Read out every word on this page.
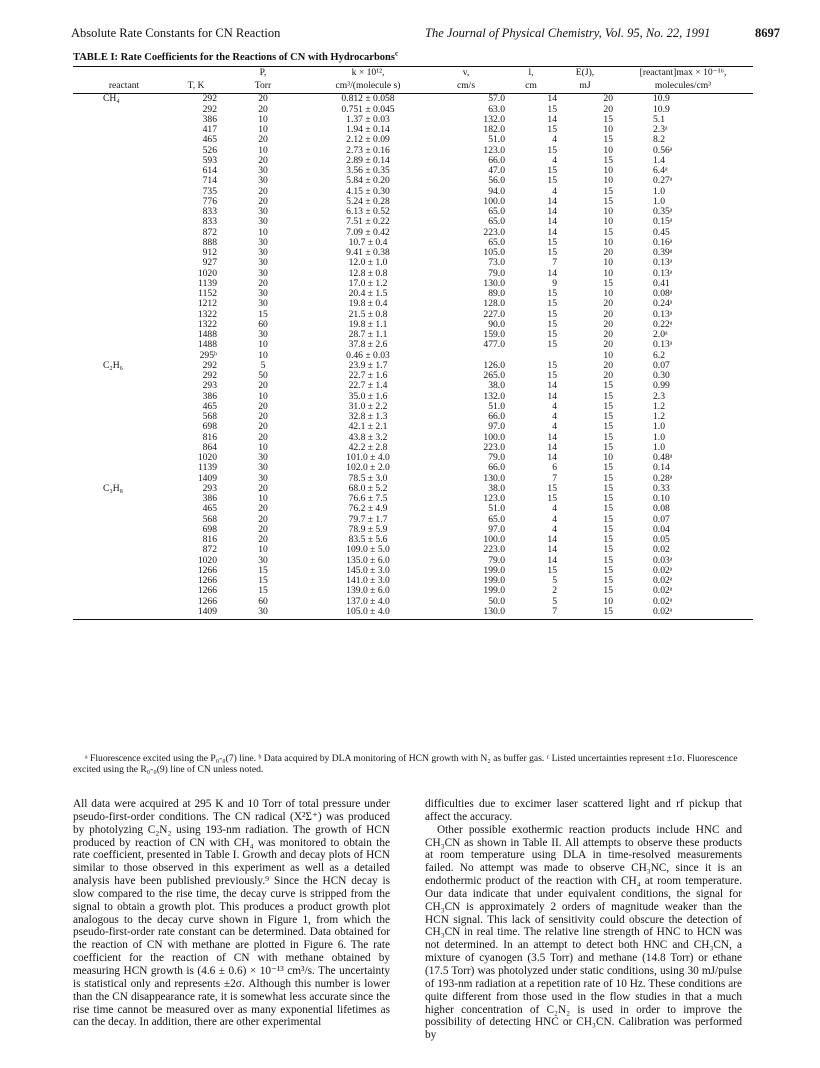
Absolute Rate Constants for CN Reaction	The Journal of Physical Chemistry, Vol. 95, No. 22, 1991	8697
TABLE I: Rate Coefficients for the Reactions of CN with Hydrocarbons$^c$
		P,	k × 10¹²,	v,	l,	E(J),	[reactant]max × 10⁻¹⁶,
reactant	T, K	Torr	cm³/(molecule s)	cm/s	cm	mJ	molecules/cm³
CH₄	292	20	0.812 ± 0.058	57.0	14	20	10.9
	292	20	0.751 ± 0.045	63.0	15	20	10.9
	386	10	1.37 ± 0.03	132.0	14	15	5.1
	417	10	1.94 ± 0.14	182.0	15	10	2.3ᵃ
	465	20	2.12 ± 0.09	51.0	4	15	8.2
	526	10	2.73 ± 0.16	123.0	15	10	0.56ᵃ
	593	20	2.89 ± 0.14	66.0	4	15	1.4
	614	30	3.56 ± 0.35	47.0	15	10	6.4ᵃ
	714	30	5.84 ± 0.20	56.0	15	10	0.27ᵃ
	735	20	4.15 ± 0.30	94.0	4	15	1.0
	776	20	5.24 ± 0.28	100.0	14	15	1.0
	833	30	6.13 ± 0.52	65.0	14	10	0.35ᵃ
	833	30	7.51 ± 0.22	65.0	14	10	0.15ᵃ
	872	10	7.09 ± 0.42	223.0	14	15	0.45
	888	30	10.7 ± 0.4	65.0	15	10	0.16ᵃ
	912	30	9.41 ± 0.38	105.0	15	20	0.39ᵃ
	927	30	12.0 ± 1.0	73.0	7	10	0.13ᵃ
	1020	30	12.8 ± 0.8	79.0	14	10	0.13ᵃ
	1139	20	17.0 ± 1.2	130.0	9	15	0.41
	1152	30	20.4 ± 1.5	89.0	15	10	0.08ᵃ
	1212	30	19.8 ± 0.4	128.0	15	20	0.24ᵃ
	1322	15	21.5 ± 0.8	227.0	15	20	0.13ᵃ
	1322	60	19.8 ± 1.1	90.0	15	20	0.22ᵃ
	1488	30	28.7 ± 1.1	159.0	15	20	2.0ᵃ
	1488	10	37.8 ± 2.6	477.0	15	20	0.13ᵃ
	295ᵇ	10	0.46 ± 0.03			10	6.2
C₂H₆	292	5	23.9 ± 1.7	126.0	15	20	0.07
	292	50	22.7 ± 1.6	265.0	15	20	0.30
	293	20	22.7 ± 1.4	38.0	14	15	0.99
	386	10	35.0 ± 1.6	132.0	14	15	2.3
	465	20	31.0 ± 2.2	51.0	4	15	1.2
	568	20	32.8 ± 1.3	66.0	4	15	1.2
	698	20	42.1 ± 2.1	97.0	4	15	1.0
	816	20	43.8 ± 3.2	100.0	14	15	1.0
	864	10	42.2 ± 2.8	223.0	14	15	1.0
	1020	30	101.0 ± 4.0	79.0	14	10	0.48ᵃ
	1139	30	102.0 ± 2.0	66.0	6	15	0.14
	1409	30	78.5 ± 3.0	130.0	7	15	0.28ᵃ
C₃H₈	293	20	68.0 ± 5.2	38.0	15	15	0.33
	386	10	76.6 ± 7.5	123.0	15	15	0.10
	465	20	76.2 ± 4.9	51.0	4	15	0.08
	568	20	79.7 ± 1.7	65.0	4	15	0.07
	698	20	78.9 ± 5.9	97.0	4	15	0.04
	816	20	83.5 ± 5.6	100.0	14	15	0.05
	872	10	109.0 ± 5.0	223.0	14	15	0.02
	1020	30	135.0 ± 6.0	79.0	14	15	0.03ᵃ
	1266	15	145.0 ± 3.0	199.0	15	15	0.02ᵃ
	1266	15	141.0 ± 3.0	199.0	5	15	0.02ᵃ
	1266	15	139.0 ± 6.0	199.0	2	15	0.02ᵃ
	1266	60	137.0 ± 4.0	50.0	5	10	0.02ᵃ
	1409	30	105.0 ± 4.0	130.0	7	15	0.02ᵃ
ᵃ Fluorescence excited using the P₀-₀(7) line. ᵇ Data acquired by DLA monitoring of HCN growth with N₂ as buffer gas. ᶜ Listed uncertainties represent ±1σ. Fluorescence excited using the R₀-₀(9) line of CN unless noted.

All data were acquired at 295 K and 10 Torr of total pressure under pseudo-first-order conditions. The CN radical (X²Σ⁺) was produced by photolyzing C₂N₂ using 193-nm radiation. The growth of HCN produced by reaction of CN with CH₄ was monitored to obtain the rate coefficient, presented in Table I. Growth and decay plots of HCN similar to those observed in this experiment as well as a detailed analysis have been published previously.⁹ Since the HCN decay is slow compared to the rise time, the decay curve is stripped from the signal to obtain a growth plot. This produces a product growth plot analogous to the decay curve shown in Figure 1, from which the pseudo-first-order rate constant can be determined. Data obtained for the reaction of CN with methane are plotted in Figure 6. The rate coefficient for the reaction of CN with methane obtained by measuring HCN growth is (4.6 ± 0.6) × 10⁻¹³ cm³/s. The uncertainty is statistical only and represents ±2σ. Although this number is lower than the CN disappearance rate, it is somewhat less accurate since the rise time cannot be measured over as many exponential lifetimes as can the decay. In addition, there are other experimental

difficulties due to excimer laser scattered light and rf pickup that affect the accuracy.

Other possible exothermic reaction products include HNC and CH₃CN as shown in Table II. All attempts to observe these products at room temperature using DLA in time-resolved measurements failed. No attempt was made to observe CH₃NC, since it is an endothermic product of the reaction with CH₄ at room temperature. Our data indicate that under equivalent conditions, the signal for CH₃CN is approximately 2 orders of magnitude weaker than the HCN signal. This lack of sensitivity could obscure the detection of CH₃CN in real time. The relative line strength of HNC to HCN was not determined. In an attempt to detect both HNC and CH₃CN, a mixture of cyanogen (3.5 Torr) and methane (14.8 Torr) or ethane (17.5 Torr) was photolyzed under static conditions, using 30 mJ/pulse of 193-nm radiation at a repetition rate of 10 Hz. These conditions are quite different from those used in the flow studies in that a much higher concentration of C₂N₂ is used in order to improve the possibility of detecting HNC or CH₃CN. Calibration was performed by
